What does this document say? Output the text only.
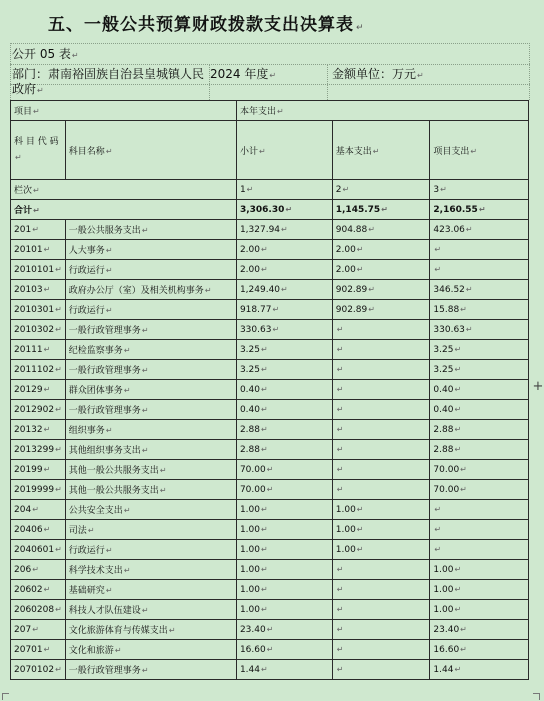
五、一般公共预算财政拨款支出决算表 ↵
公开 05 表↵
部门：肃南裕固族自治县皇城镇人民 2024 年度↵	金额单位：万元↵
政府↵
项目↵		本年支出↵		
科 目 代 码↵	科目名称↵	小计↵	基本支出↵	项目支出↵
栏次↵		1↵	2↵	3↵
合计↵		3,306.30↵	1,145.75↵	2,160.55↵
201↵	一般公共服务支出↵	1,327.94↵	904.88↵	423.06↵
20101↵	人大事务↵	2.00↵	2.00↵	↵
2010101↵	行政运行↵	2.00↵	2.00↵	↵
20103↵	政府办公厅（室）及相关机构事务↵	1,249.40↵	902.89↵	346.52↵
2010301↵	行政运行↵	918.77↵	902.89↵	15.88↵
2010302↵	一般行政管理事务↵	330.63↵	↵	330.63↵
20111↵	纪检监察事务↵	3.25↵	↵	3.25↵
2011102↵	一般行政管理事务↵	3.25↵	↵	3.25↵
20129↵	群众团体事务↵	0.40↵	↵	0.40↵
2012902↵	一般行政管理事务↵	0.40↵	↵	0.40↵
20132↵	组织事务↵	2.88↵	↵	2.88↵
2013299↵	其他组织事务支出↵	2.88↵	↵	2.88↵
20199↵	其他一般公共服务支出↵	70.00↵	↵	70.00↵
2019999↵	其他一般公共服务支出↵	70.00↵	↵	70.00↵
204↵	公共安全支出↵	1.00↵	1.00↵	↵
20406↵	司法↵	1.00↵	1.00↵	↵
2040601↵	行政运行↵	1.00↵	1.00↵	↵
206↵	科学技术支出↵	1.00↵	↵	1.00↵
20602↵	基础研究↵	1.00↵	↵	1.00↵
2060208↵	科技人才队伍建设↵	1.00↵	↵	1.00↵
207↵	文化旅游体育与传媒支出↵	23.40↵	↵	23.40↵
20701↵	文化和旅游↵	16.60↵	↵	16.60↵
2070102↵	一般行政管理事务↵	1.44↵	↵	1.44↵
+
